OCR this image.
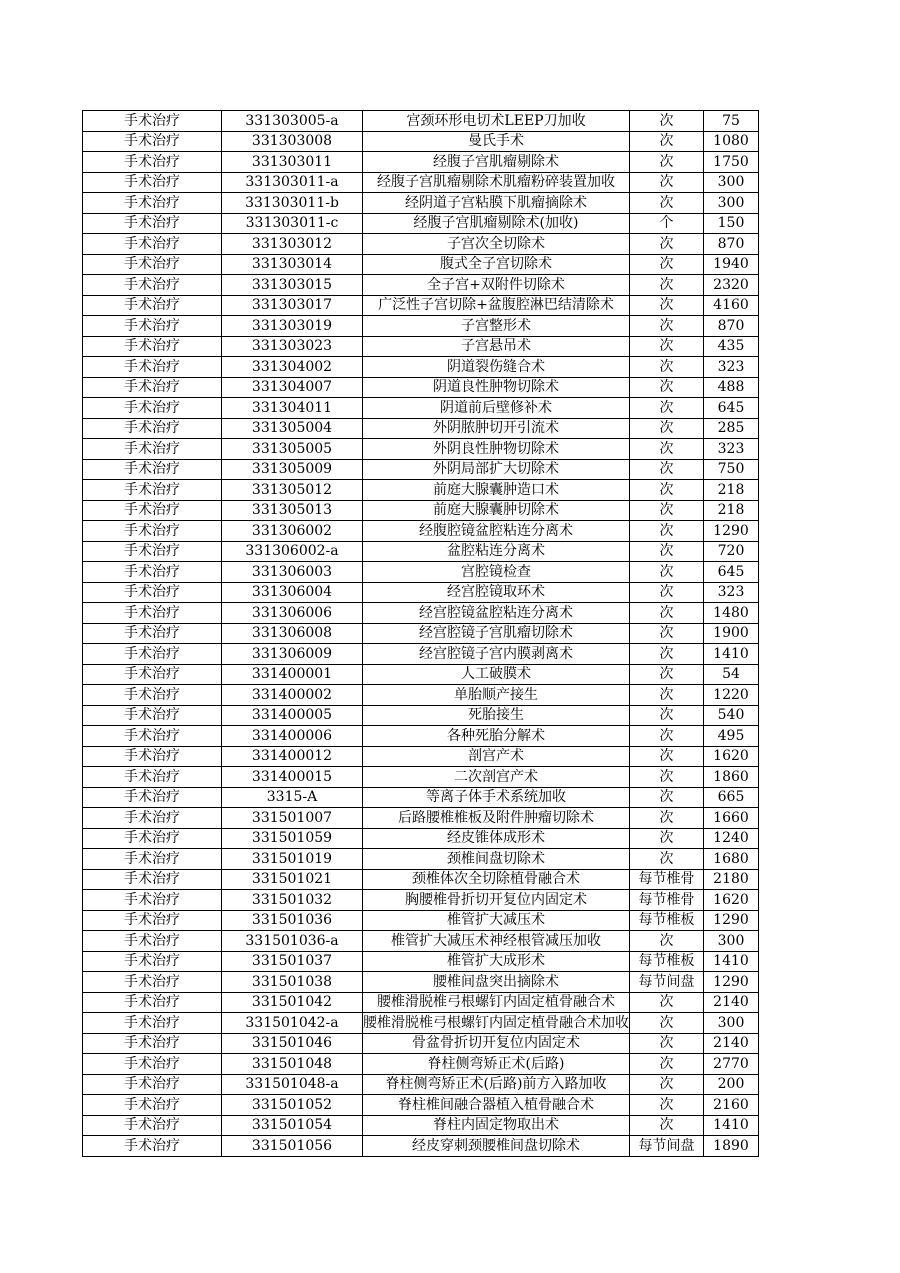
手术治疗	331303005-a	宫颈环形电切术LEEP刀加收	次	75
手术治疗	331303008	曼氏手术	次	1080
手术治疗	331303011	经腹子宫肌瘤剔除术	次	1750
手术治疗	331303011-a	经腹子宫肌瘤剔除术肌瘤粉碎装置加收	次	300
手术治疗	331303011-b	经阴道子宫粘膜下肌瘤摘除术	次	300
手术治疗	331303011-c	经腹子宫肌瘤剔除术(加收)	个	150
手术治疗	331303012	子宫次全切除术	次	870
手术治疗	331303014	腹式全子宫切除术	次	1940
手术治疗	331303015	全子宫+双附件切除术	次	2320
手术治疗	331303017	广泛性子宫切除+盆腹腔淋巴结清除术	次	4160
手术治疗	331303019	子宫整形术	次	870
手术治疗	331303023	子宫悬吊术	次	435
手术治疗	331304002	阴道裂伤缝合术	次	323
手术治疗	331304007	阴道良性肿物切除术	次	488
手术治疗	331304011	阴道前后壁修补术	次	645
手术治疗	331305004	外阴脓肿切开引流术	次	285
手术治疗	331305005	外阴良性肿物切除术	次	323
手术治疗	331305009	外阴局部扩大切除术	次	750
手术治疗	331305012	前庭大腺囊肿造口术	次	218
手术治疗	331305013	前庭大腺囊肿切除术	次	218
手术治疗	331306002	经腹腔镜盆腔粘连分离术	次	1290
手术治疗	331306002-a	盆腔粘连分离术	次	720
手术治疗	331306003	宫腔镜检查	次	645
手术治疗	331306004	经宫腔镜取环术	次	323
手术治疗	331306006	经宫腔镜盆腔粘连分离术	次	1480
手术治疗	331306008	经宫腔镜子宫肌瘤切除术	次	1900
手术治疗	331306009	经宫腔镜子宫内膜剥离术	次	1410
手术治疗	331400001	人工破膜术	次	54
手术治疗	331400002	单胎顺产接生	次	1220
手术治疗	331400005	死胎接生	次	540
手术治疗	331400006	各种死胎分解术	次	495
手术治疗	331400012	剖宫产术	次	1620
手术治疗	331400015	二次剖宫产术	次	1860
手术治疗	3315-A	等离子体手术系统加收	次	665
手术治疗	331501007	后路腰椎椎板及附件肿瘤切除术	次	1660
手术治疗	331501059	经皮锥体成形术	次	1240
手术治疗	331501019	颈椎间盘切除术	次	1680
手术治疗	331501021	颈椎体次全切除植骨融合术	每节椎骨	2180
手术治疗	331501032	胸腰椎骨折切开复位内固定术	每节椎骨	1620
手术治疗	331501036	椎管扩大减压术	每节椎板	1290
手术治疗	331501036-a	椎管扩大减压术神经根管减压加收	次	300
手术治疗	331501037	椎管扩大成形术	每节椎板	1410
手术治疗	331501038	腰椎间盘突出摘除术	每节间盘	1290
手术治疗	331501042	腰椎滑脱椎弓根螺钉内固定植骨融合术	次	2140
手术治疗	331501042-a	腰椎滑脱椎弓根螺钉内固定植骨融合术加收	次	300
手术治疗	331501046	骨盆骨折切开复位内固定术	次	2140
手术治疗	331501048	脊柱侧弯矫正术(后路)	次	2770
手术治疗	331501048-a	脊柱侧弯矫正术(后路)前方入路加收	次	200
手术治疗	331501052	脊柱椎间融合器植入植骨融合术	次	2160
手术治疗	331501054	脊柱内固定物取出术	次	1410
手术治疗	331501056	经皮穿刺颈腰椎间盘切除术	每节间盘	1890
